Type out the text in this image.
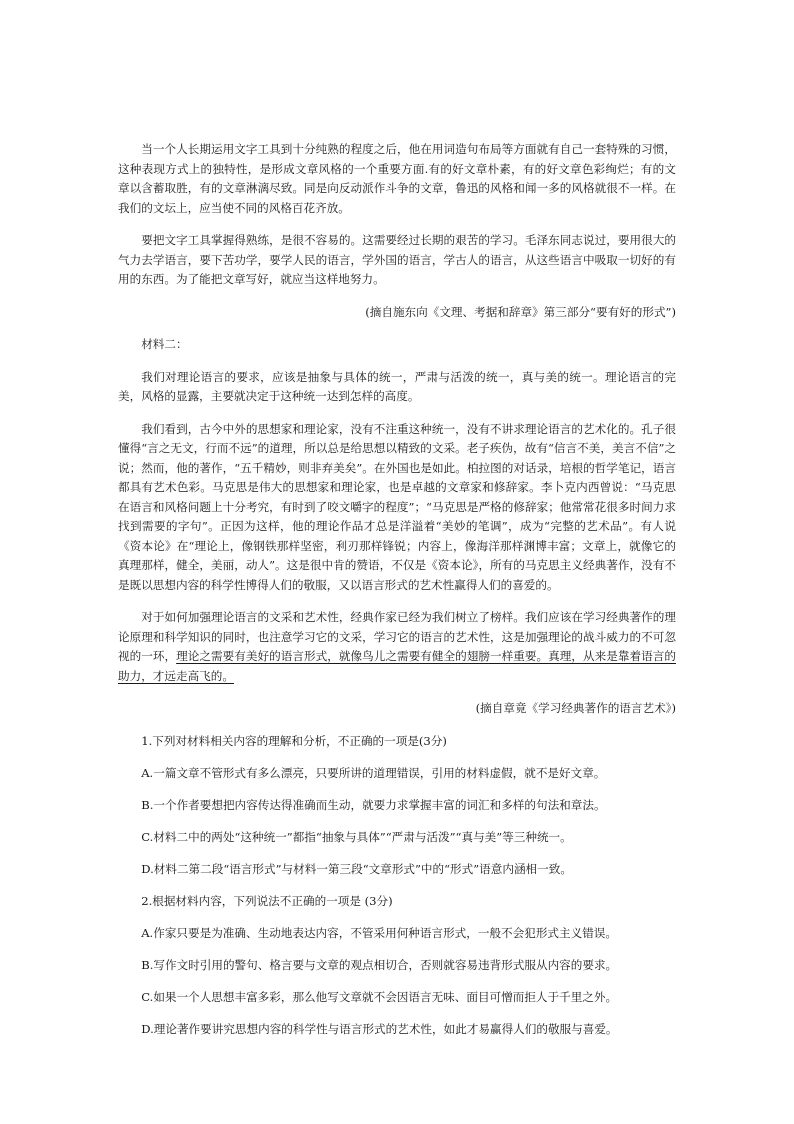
当一个人长期运用文字工具到十分纯熟的程度之后，他在用词造句布局等方面就有自己一套特殊的习惯，这种表现方式上的独特性，是形成文章风格的一个重要方面.有的好文章朴素，有的好文章色彩绚烂；有的文章以含蓄取胜，有的文章淋漓尽致。同是向反动派作斗争的文章，鲁迅的风格和闻一多的风格就很不一样。在我们的文坛上，应当使不同的风格百花齐放。

要把文字工具掌握得熟练，是很不容易的。这需要经过长期的艰苦的学习。毛泽东同志说过，要用很大的气力去学语言，要下苦功学，要学人民的语言，学外国的语言，学古人的语言，从这些语言中吸取一切好的有用的东西。为了能把文章写好，就应当这样地努力。

(摘自施东向《文理、考据和辞章》第三部分“要有好的形式”)

材料二：

我们对理论语言的要求，应该是抽象与具体的统一，严肃与活泼的统一，真与美的统一。理论语言的完美，风格的显露，主要就决定于这种统一达到怎样的高度。

我们看到，古今中外的思想家和理论家，没有不注重这种统一，没有不讲求理论语言的艺术化的。孔子很懂得“言之无文，行而不远”的道理，所以总是给思想以精致的文采。老子疾伪，故有“信言不美，美言不信”之说；然而，他的著作，“五千精妙，则非弃美矣”。在外国也是如此。柏拉图的对话录，培根的哲学笔记，语言都具有艺术色彩。马克思是伟大的思想家和理论家，也是卓越的文章家和修辞家。李卜克内西曾说：“马克思在语言和风格问题上十分考究，有时到了咬文嚼字的程度”；“马克思是严格的修辞家；他常常花很多时间力求找到需要的字句”。正因为这样，他的理论作品才总是洋溢着“美妙的笔调”，成为“完整的艺术品”。有人说《资本论》在“理论上，像钢铁那样坚密，利刃那样锋锐；内容上，像海洋那样渊博丰富；文章上，就像它的真理那样，健全，美丽，动人”。这是很中肯的赞语，不仅是《资本论》，所有的马克思主义经典著作，没有不是既以思想内容的科学性博得人们的敬服，又以语言形式的艺术性赢得人们的喜爱的。

对于如何加强理论语言的文采和艺术性，经典作家已经为我们树立了榜样。我们应该在学习经典著作的理论原理和科学知识的同时，也注意学习它的文采，学习它的语言的艺术性，这是加强理论的战斗威力的不可忽视的一环，理论之需要有美好的语言形式，就像鸟儿之需要有健全的翅膀一样重要。真理，从来是靠着语言的助力，才远走高飞的。

(摘自章竟《学习经典著作的语言艺术》)

1.下列对材料相关内容的理解和分析，不正确的一项是(3分)

A.一篇文章不管形式有多么漂亮，只要所讲的道理错误，引用的材料虚假，就不是好文章。

B.一个作者要想把内容传达得准确而生动，就要力求掌握丰富的词汇和多样的句法和章法。

C.材料二中的两处“这种统一”都指“抽象与具体”“严肃与活泼”“真与美”等三种统一。

D.材料二第二段“语言形式”与材料一第三段“文章形式”中的“形式”语意内涵相一致。

2.根据材料内容，下列说法不正确的一项是 (3分)

A.作家只要是为准确、生动地表达内容，不管采用何种语言形式，一般不会犯形式主义错误。

B.写作文时引用的警句、格言要与文章的观点相切合，否则就容易违背形式服从内容的要求。

C.如果一个人思想丰富多彩，那么他写文章就不会因语言无味、面目可憎而拒人于千里之外。

D.理论著作要讲究思想内容的科学性与语言形式的艺术性，如此才易赢得人们的敬服与喜爱。
